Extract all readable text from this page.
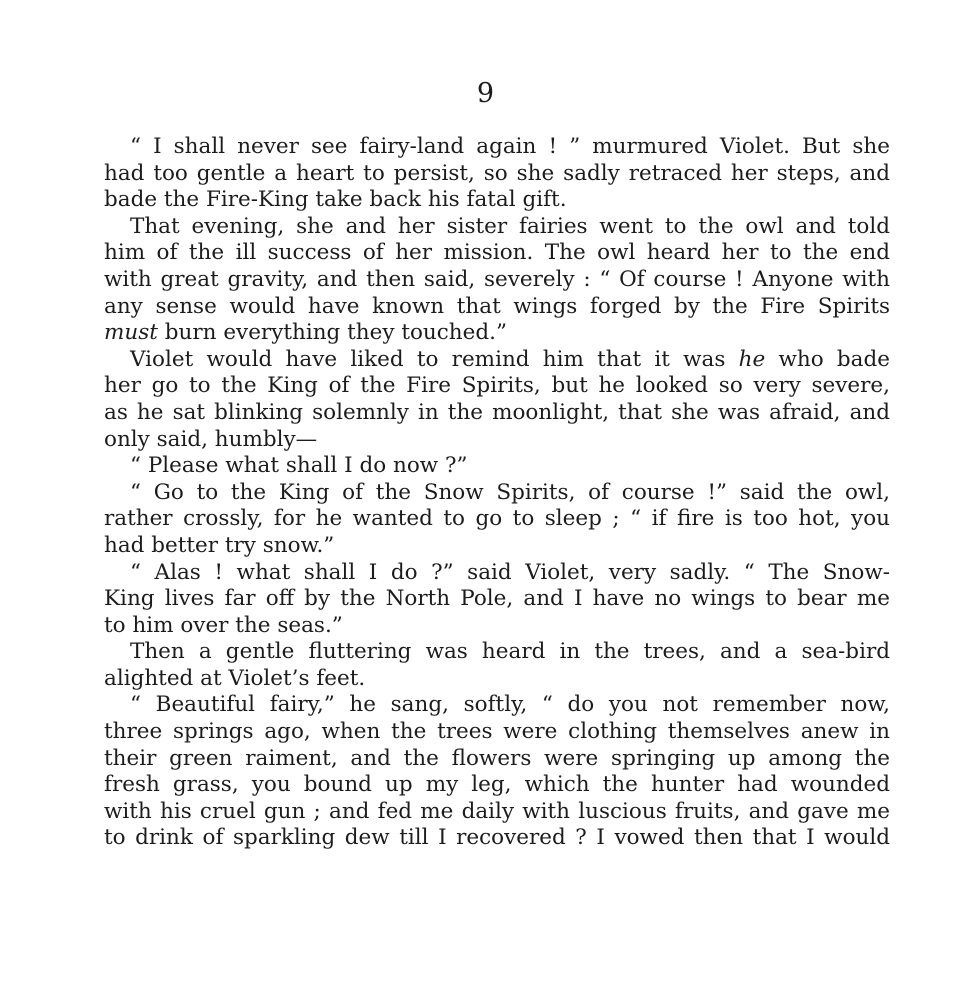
9
“ I shall never see fairy-land again ! ” murmured Violet. But she
had too gentle a heart to persist, so she sadly retraced her steps, and
bade the Fire-King take back his fatal gift.
That evening, she and her sister fairies went to the owl and told
him of the ill success of her mission. The owl heard her to the end
with great gravity, and then said, severely : “ Of course ! Anyone with
any sense would have known that wings forged by the Fire Spirits
must burn everything they touched.”
Violet would have liked to remind him that it was he who bade
her go to the King of the Fire Spirits, but he looked so very severe,
as he sat blinking solemnly in the moonlight, that she was afraid, and
only said, humbly—
“ Please what shall I do now ?”
“ Go to the King of the Snow Spirits, of course !” said the owl,
rather crossly, for he wanted to go to sleep ; “ if fire is too hot, you
had better try snow.”
“ Alas ! what shall I do ?” said Violet, very sadly. “ The Snow-
King lives far off by the North Pole, and I have no wings to bear me
to him over the seas.”
Then a gentle fluttering was heard in the trees, and a sea-bird
alighted at Violet’s feet.
“ Beautiful fairy,” he sang, softly, “ do you not remember now,
three springs ago, when the trees were clothing themselves anew in
their green raiment, and the flowers were springing up among the
fresh grass, you bound up my leg, which the hunter had wounded
with his cruel gun ; and fed me daily with luscious fruits, and gave me
to drink of sparkling dew till I recovered ? I vowed then that I would
